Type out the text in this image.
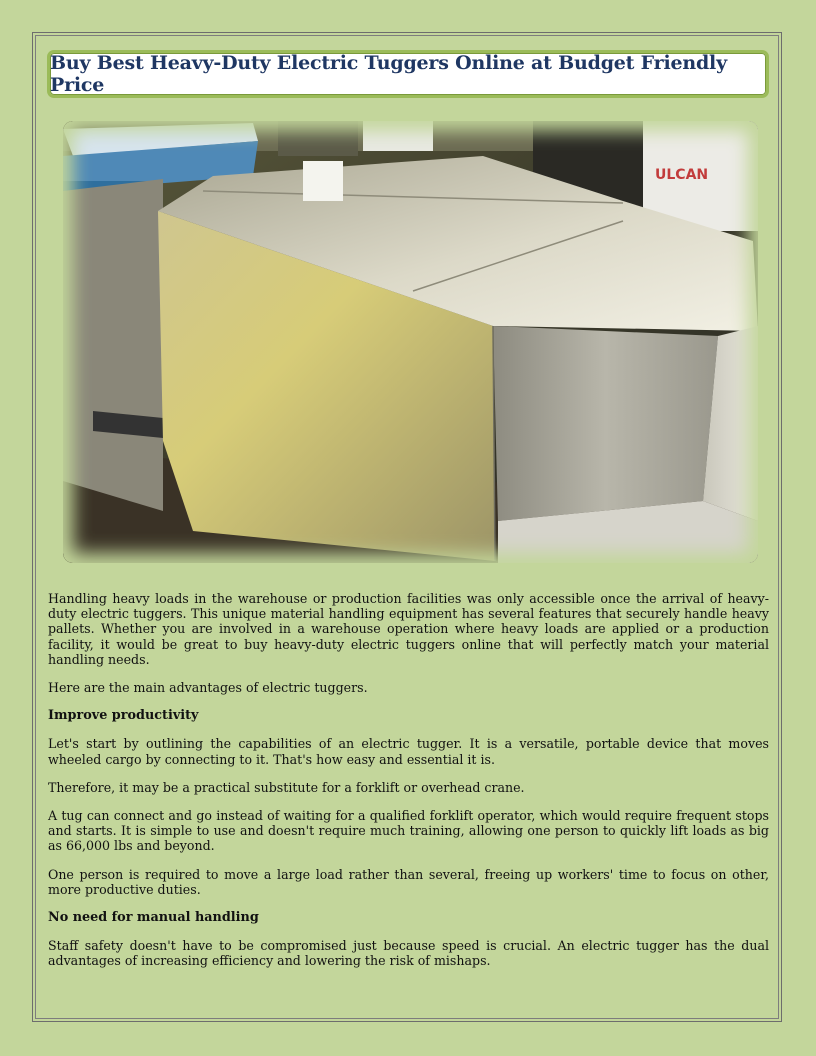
Buy Best Heavy-Duty Electric Tuggers Online at Budget Friendly Price
ULCAN

Handling heavy loads in the warehouse or production facilities was only accessible once the arrival of heavy-duty electric tuggers. This unique material handling equipment has several features that securely handle heavy pallets. Whether you are involved in a warehouse operation where heavy loads are applied or a production facility, it would be great to buy heavy-duty electric tuggers online that will perfectly match your material handling needs.

Here are the main advantages of electric tuggers.

Improve productivity

Let's start by outlining the capabilities of an electric tugger. It is a versatile, portable device that moves wheeled cargo by connecting to it. That's how easy and essential it is.

Therefore, it may be a practical substitute for a forklift or overhead crane.

A tug can connect and go instead of waiting for a qualified forklift operator, which would require frequent stops and starts. It is simple to use and doesn't require much training, allowing one person to quickly lift loads as big as 66,000 lbs and beyond.

One person is required to move a large load rather than several, freeing up workers' time to focus on other, more productive duties.

No need for manual handling

Staff safety doesn't have to be compromised just because speed is crucial. An electric tugger has the dual advantages of increasing efficiency and lowering the risk of mishaps.
